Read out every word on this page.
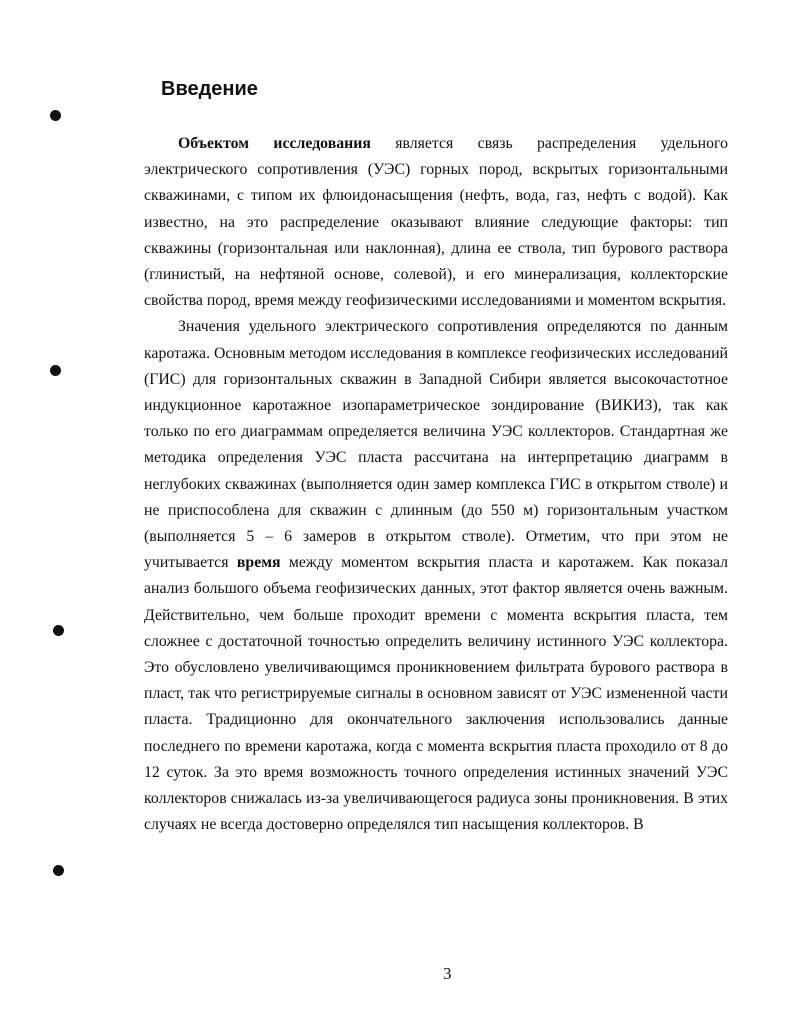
Введение

Объектом исследования является связь распределения удельного электрического сопротивления (УЭС) горных пород, вскрытых горизонтальными скважинами, с типом их флюидонасыщения (нефть, вода, газ, нефть с водой). Как известно, на это распределение оказывают влияние следующие факторы: тип скважины (горизонтальная или наклонная), длина ее ствола, тип бурового раствора (глинистый, на нефтяной основе, солевой), и его минерализация, коллекторские свойства пород, время между геофизическими исследованиями и моментом вскрытия.

Значения удельного электрического сопротивления определяются по данным каротажа. Основным методом исследования в комплексе геофизических исследований (ГИС) для горизонтальных скважин в Западной Сибири является высокочастотное индукционное каротажное изопараметрическое зондирование (ВИКИЗ), так как только по его диаграммам определяется величина УЭС коллекторов. Стандартная же методика определения УЭС пласта рассчитана на интерпретацию диаграмм в неглубоких скважинах (выполняется один замер комплекса ГИС в открытом стволе) и не приспособлена для скважин с длинным (до 550 м) горизонтальным участком (выполняется 5 – 6 замеров в открытом стволе). Отметим, что при этом не учитывается время между моментом вскрытия пласта и каротажем. Как показал анализ большого объема геофизических данных, этот фактор является очень важным. Действительно, чем больше проходит времени с момента вскрытия пласта, тем сложнее с достаточной точностью определить величину истинного УЭС коллектора. Это обусловлено увеличивающимся проникновением фильтрата бурового раствора в пласт, так что регистрируемые сигналы в основном зависят от УЭС измененной части пласта. Традиционно для окончательного заключения использовались данные последнего по времени каротажа, когда с момента вскрытия пласта проходило от 8 до 12 суток. За это время возможность точного определения истинных значений УЭС коллекторов снижалась из-за увеличивающегося радиуса зоны проникновения. В этих случаях не всегда достоверно определялся тип насыщения коллекторов. В

3
